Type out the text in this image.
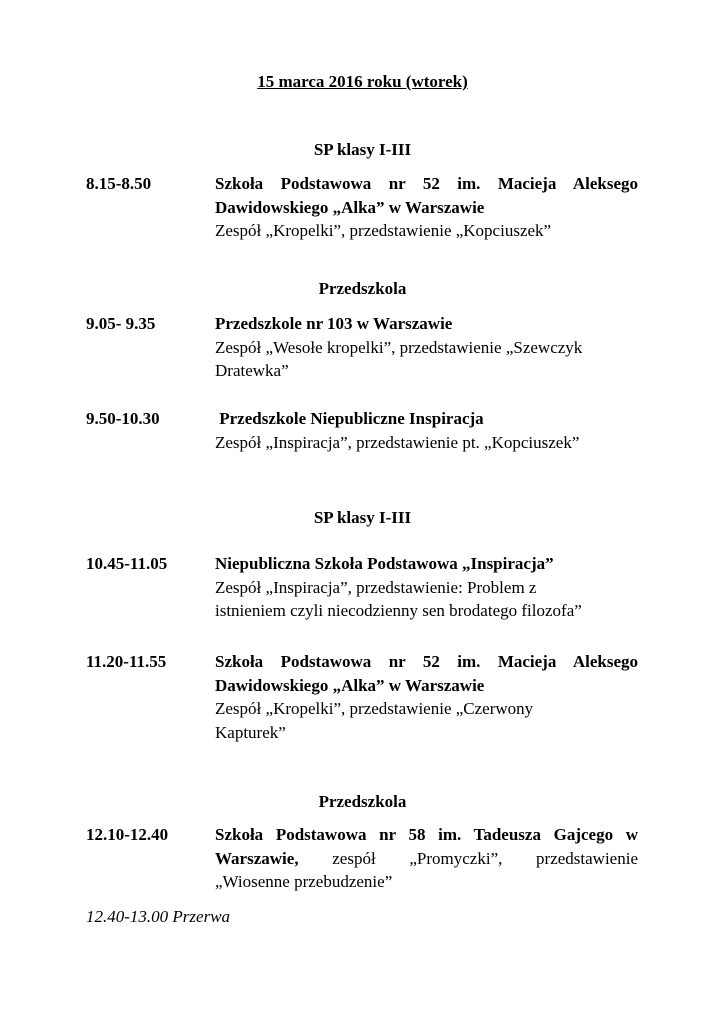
15 marca 2016 roku (wtorek)
SP klasy I-III
8.15-8.50	Szkoła Podstawowa nr 52 im. Macieja Aleksego
Dawidowskiego „Alka” w Warszawie
Zespół „Kropelki”, przedstawienie „Kopciuszek”
Przedszkola
9.05- 9.35	Przedszkole nr 103 w Warszawie
Zespół „Wesołe kropelki”, przedstawienie „Szewczyk
Dratewka”
9.50-10.30	Przedszkole Niepubliczne Inspiracja
Zespół „Inspiracja”, przedstawienie pt. „Kopciuszek”
SP klasy I-III
10.45-11.05	Niepubliczna Szkoła Podstawowa „Inspiracja”
Zespół „Inspiracja”, przedstawienie: Problem z
istnieniem czyli niecodzienny sen brodatego filozofa”
11.20-11.55	Szkoła Podstawowa nr 52 im. Macieja Aleksego
Dawidowskiego „Alka” w Warszawie
Zespół „Kropelki”, przedstawienie „Czerwony
Kapturek”
Przedszkola
12.10-12.40	Szkoła Podstawowa nr 58 im. Tadeusza Gajcego w
Warszawie, zespół „Promyczki”, przedstawienie
„Wiosenne przebudzenie”
12.40-13.00 Przerwa
